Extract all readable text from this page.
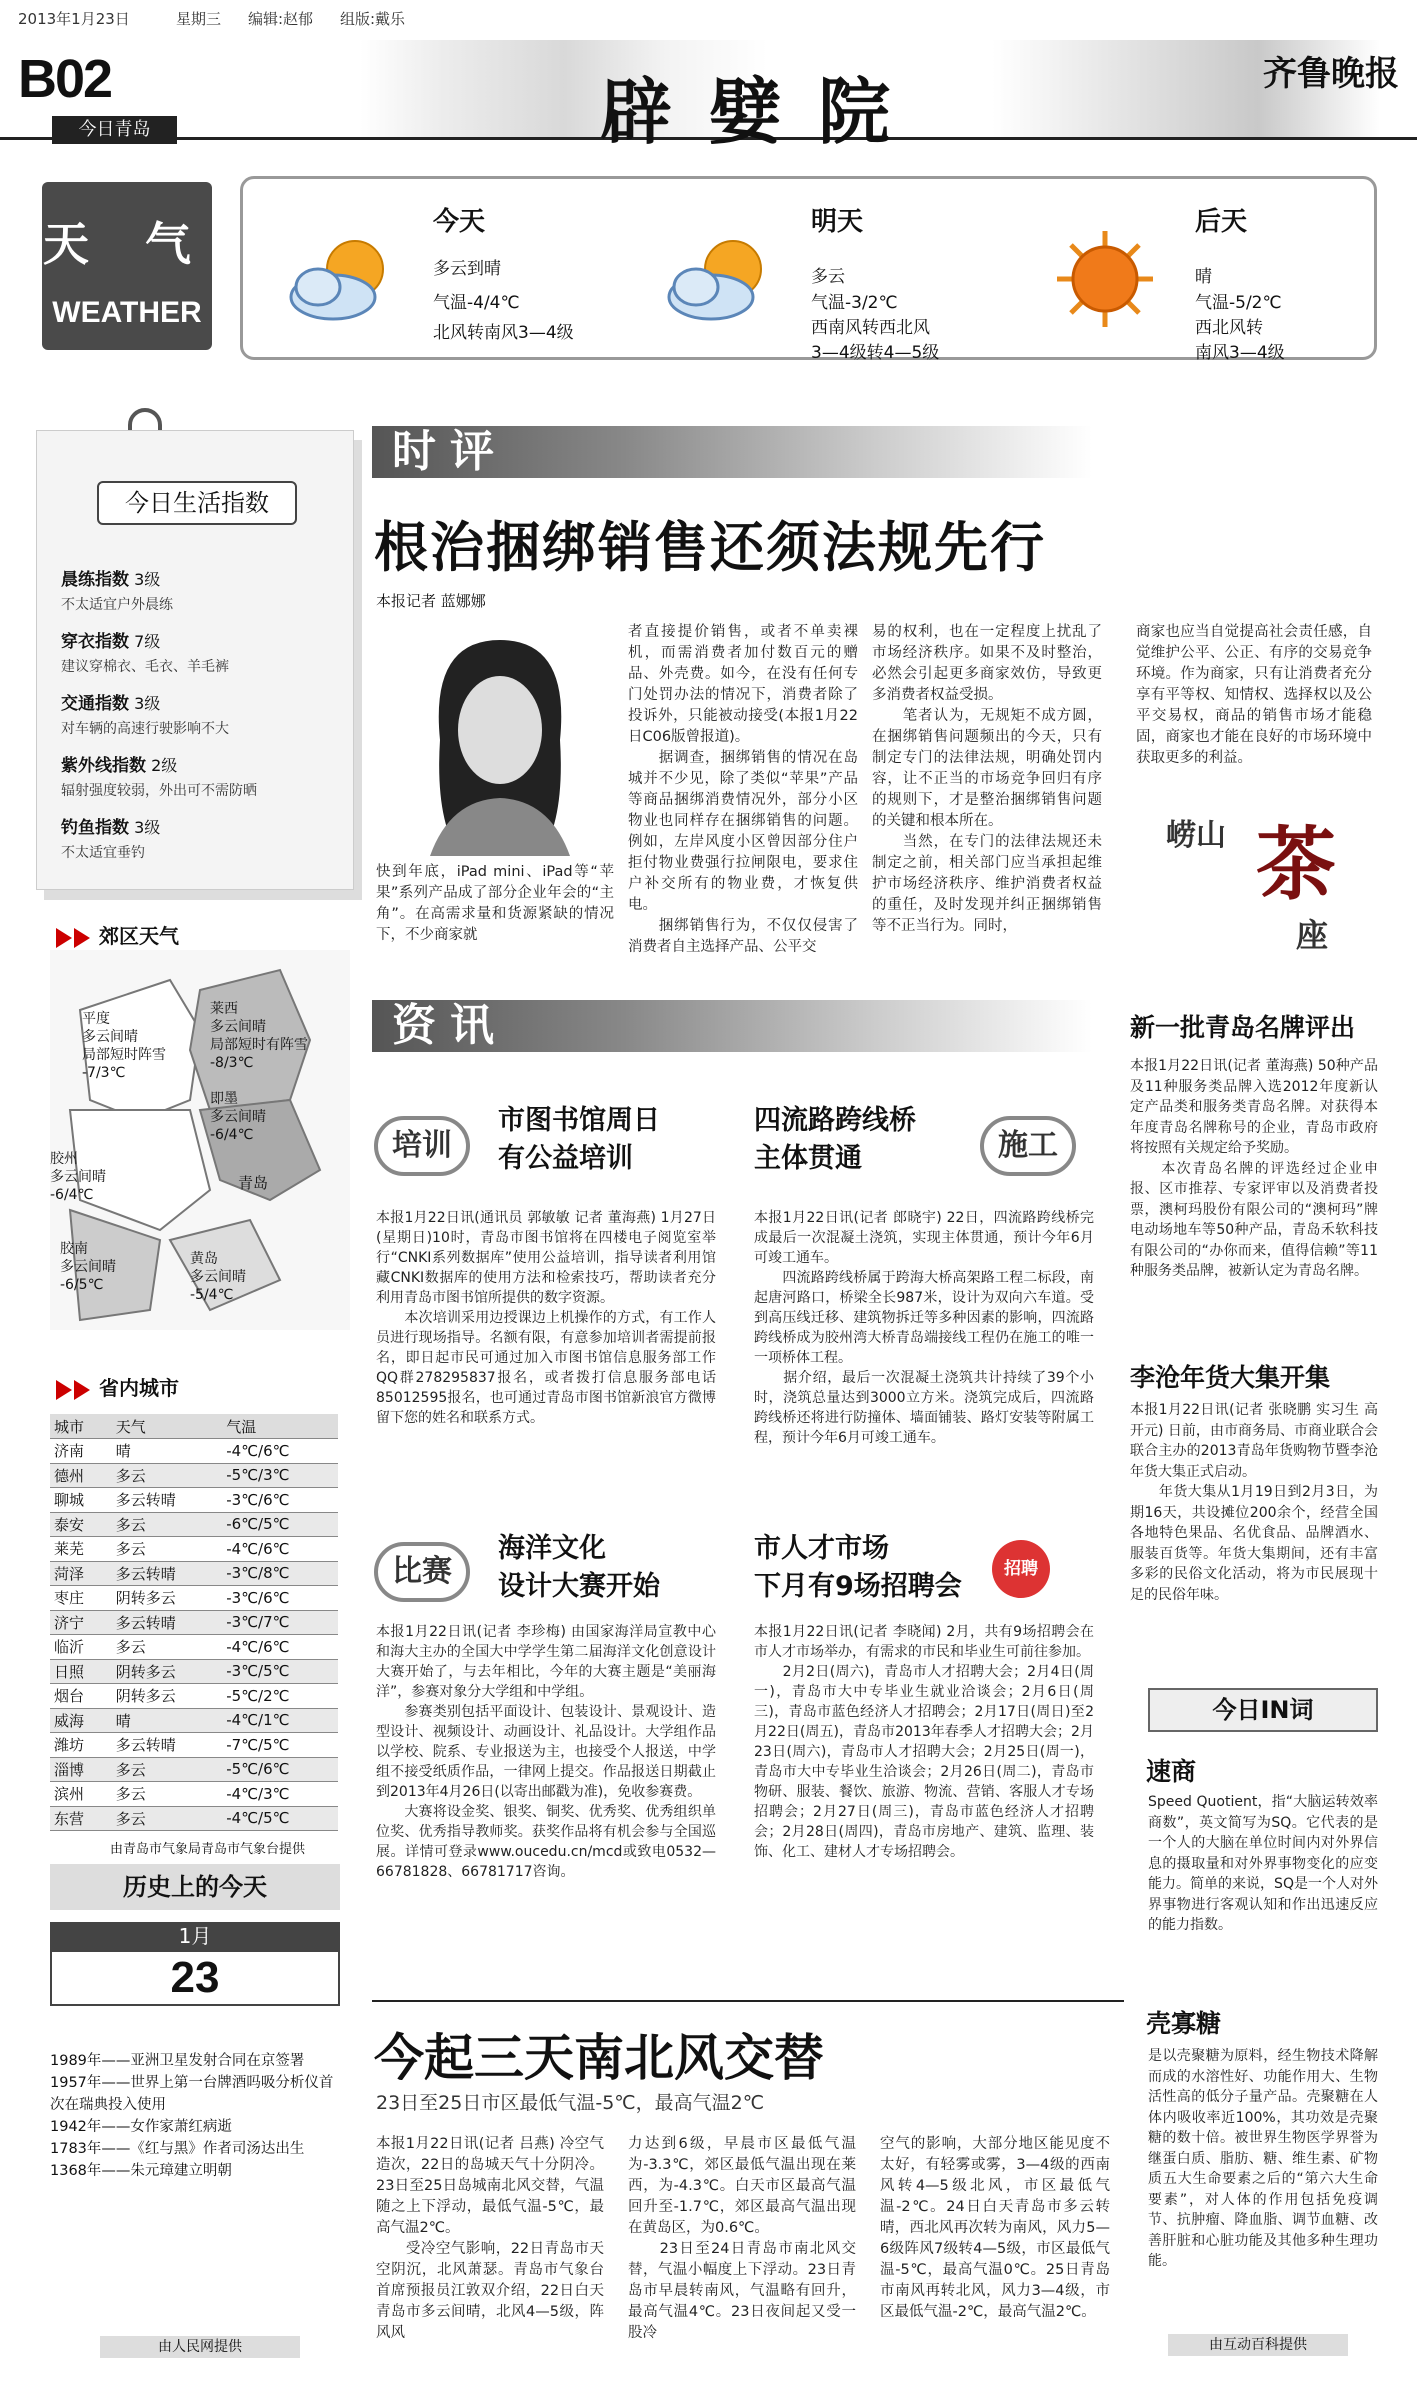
2013年1月23日	星期三 编辑:赵郁 组版:戴乐
B02
今日青岛	辟 嬖 院	齐鲁晚报
天 气
WEATHER
今天

多云到晴

气温-4/4℃

北风转南风3—4级

明天

多云

气温-3/2℃

西南风转西北风

3—4级转4—5级

后天

晴

气温-5/2℃

西北风转

南风3—4级

今日生活指数
晨练指数 3级
不太适宜户外晨练
穿衣指数 7级
建议穿棉衣、毛衣、羊毛裤
交通指数 3级
对车辆的高速行驶影响不大
紫外线指数 2级
辐射强度较弱，外出可不需防晒
钓鱼指数 3级
不太适宜垂钓
郊区天气
平度
多云间晴
局部短时阵雪
-7/3℃
莱西
多云间晴
局部短时有阵雪
-8/3℃
即墨
多云间晴
-6/4℃
胶州
多云间晴
-6/4℃
青岛
胶南
多云间晴
-6/5℃
黄岛
多云间晴
-5/4℃
省内城市
城市	天气	气温
济南	晴	-4℃/6℃
德州	多云	-5℃/3℃
聊城	多云转晴	-3℃/6℃
泰安	多云	-6℃/5℃
莱芜	多云	-4℃/6℃
菏泽	多云转晴	-3℃/8℃
枣庄	阴转多云	-3℃/6℃
济宁	多云转晴	-3℃/7℃
临沂	多云	-4℃/6℃
日照	阴转多云	-3℃/5℃
烟台	阴转多云	-5℃/2℃
威海	晴	-4℃/1℃
潍坊	多云转晴	-7℃/5℃
淄博	多云	-5℃/6℃
滨州	多云	-4℃/3℃
东营	多云	-4℃/5℃
由青岛市气象局青岛市气象台提供
历史上的今天
1月
23
1989年——亚洲卫星发射合同在京签署
1957年——世界上第一台牌酒吗吸分析仪首次在瑞典投入使用
1942年——女作家萧红病逝
1783年——《红与黑》作者司汤达出生
1368年——朱元璋建立明朝
由人民网提供
时评
根治捆绑销售还须法规先行
本报记者 蓝娜娜
快到年底，iPad mini、iPad等“苹果”系列产品成了部分企业年会的“主角”。在高需求量和货源紧缺的情况下，不少商家就
者直接提价销售，或者不单卖裸机，而需消费者加付数百元的赠品、外壳费。如今，在没有任何专门处罚办法的情况下，消费者除了投诉外，只能被动接受(本报1月22日C06版曾报道)。
　　据调查，捆绑销售的情况在岛城并不少见，除了类似“苹果”产品等商品捆绑消费情况外，部分小区物业也同样存在捆绑销售的问题。例如，左岸风度小区曾因部分住户拒付物业费强行拉闸限电，要求住户补交所有的物业费，才恢复供电。
　　捆绑销售行为，不仅仅侵害了消费者自主选择产品、公平交
易的权利，也在一定程度上扰乱了市场经济秩序。如果不及时整治，必然会引起更多商家效仿，导致更多消费者权益受损。
　　笔者认为，无规矩不成方圆，在捆绑销售问题频出的今天，只有制定专门的法律法规，明确处罚内容，让不正当的市场竞争回归有序的规则下，才是整治捆绑销售问题的关键和根本所在。
　　当然，在专门的法律法规还未制定之前，相关部门应当承担起维护市场经济秩序、维护消费者权益的重任，及时发现并纠正捆绑销售等不正当行为。同时，
商家也应当自觉提高社会责任感，自觉维护公平、公正、有序的交易竞争环境。作为商家，只有让消费者充分享有平等权、知情权、选择权以及公平交易权，商品的销售市场才能稳固，商家也才能在良好的市场环境中获取更多的利益。
崂山 茶
座
资讯
培训
市图书馆周日
有公益培训
本报1月22日讯(通讯员 郭敏敏 记者 董海燕) 1月27日(星期日)10时，青岛市图书馆将在四楼电子阅览室举行“CNKI系列数据库”使用公益培训，指导读者利用馆藏CNKI数据库的使用方法和检索技巧，帮助读者充分利用青岛市图书馆所提供的数字资源。
　　本次培训采用边授课边上机操作的方式，有工作人员进行现场指导。名额有限，有意参加培训者需提前报名，即日起市民可通过加入市图书馆信息服务部工作QQ群278295837报名，或者拨打信息服务部电话85012595报名，也可通过青岛市图书馆新浪官方微博留下您的姓名和联系方式。
施工
四流路跨线桥
主体贯通
本报1月22日讯(记者 郎晓宇) 22日，四流路跨线桥完成最后一次混凝土浇筑，实现主体贯通，预计今年6月可竣工通车。
　　四流路跨线桥属于跨海大桥高架路工程二标段，南起唐河路口，桥梁全长987米，设计为双向六车道。受到高压线迁移、建筑物拆迁等多种因素的影响，四流路跨线桥成为胶州湾大桥青岛端接线工程仍在施工的唯一一项桥体工程。
　　据介绍，最后一次混凝土浇筑共计持续了39个小时，浇筑总量达到3000立方米。浇筑完成后，四流路跨线桥还将进行防撞体、墙面铺装、路灯安装等附属工程，预计今年6月可竣工通车。
比赛
海洋文化
设计大赛开始
本报1月22日讯(记者 李珍梅) 由国家海洋局宣教中心和海大主办的全国大中学学生第二届海洋文化创意设计大赛开始了，与去年相比，今年的大赛主题是“美丽海洋”，参赛对象分大学组和中学组。
　　参赛类别包括平面设计、包装设计、景观设计、造型设计、视频设计、动画设计、礼品设计。大学组作品以学校、院系、专业报送为主，也接受个人报送，中学组不接受纸质作品，一律网上提交。作品报送日期截止到2013年4月26日(以寄出邮戳为准)，免收参赛费。
　　大赛将设金奖、银奖、铜奖、优秀奖、优秀组织单位奖、优秀指导教师奖。获奖作品将有机会参与全国巡展。详情可登录www.oucedu.cn/mcd或致电0532—66781828、66781717咨询。
市人才市场
下月有9场招聘会
招聘
本报1月22日讯(记者 李晓闻) 2月，共有9场招聘会在市人才市场举办，有需求的市民和毕业生可前往参加。
　　2月2日(周六)，青岛市人才招聘大会；2月4日(周一)，青岛市大中专毕业生就业洽谈会；2月6日(周三)，青岛市蓝色经济人才招聘会；2月17日(周日)至2月22日(周五)，青岛市2013年春季人才招聘大会；2月23日(周六)，青岛市人才招聘大会；2月25日(周一)，青岛市大中专毕业生洽谈会；2月26日(周二)，青岛市物研、服装、餐饮、旅游、物流、营销、客服人才专场招聘会；2月27日(周三)，青岛市蓝色经济人才招聘会；2月28日(周四)，青岛市房地产、建筑、监理、装饰、化工、建材人才专场招聘会。
新一批青岛名牌评出
本报1月22日讯(记者 董海燕) 50种产品及11种服务类品牌入选2012年度新认定产品类和服务类青岛名牌。对获得本年度青岛名牌称号的企业，青岛市政府将按照有关规定给予奖励。
　　本次青岛名牌的评选经过企业申报、区市推荐、专家评审以及消费者投票，澳柯玛股份有限公司的“澳柯玛”牌电动场地车等50种产品，青岛禾软科技有限公司的“办你而来，值得信赖”等11种服务类品牌，被新认定为青岛名牌。
李沧年货大集开集
本报1月22日讯(记者 张晓鹏 实习生 高开元) 日前，由市商务局、市商业联合会联合主办的2013青岛年货购物节暨李沧年货大集正式启动。
　　年货大集从1月19日到2月3日，为期16天，共设摊位200余个，经营全国各地特色果品、名优食品、品牌酒水、服装百货等。年货大集期间，还有丰富多彩的民俗文化活动，将为市民展现十足的民俗年味。
今日IN词
速商
Speed Quotient，指“大脑运转效率商数”，英文简写为SQ。它代表的是一个人的大脑在单位时间内对外界信息的摄取量和对外界事物变化的应变能力。简单的来说，SQ是一个人对外界事物进行客观认知和作出迅速反应的能力指数。
壳寡糖
是以壳聚糖为原料，经生物技术降解而成的水溶性好、功能作用大、生物活性高的低分子量产品。壳聚糖在人体内吸收率近100%，其功效是壳聚糖的数十倍。被世界生物医学界誉为继蛋白质、脂肪、糖、维生素、矿物质五大生命要素之后的“第六大生命要素”，对人体的作用包括免疫调节、抗肿瘤、降血脂、调节血糖、改善肝脏和心脏功能及其他多种生理功能。
由互动百科提供
今起三天南北风交替
23日至25日市区最低气温-5℃，最高气温2℃
本报1月22日讯(记者 吕燕) 冷空气造次，22日的岛城天气十分阴冷。23日至25日岛城南北风交替，气温随之上下浮动，最低气温-5℃，最高气温2℃。
　　受冷空气影响，22日青岛市天空阴沉，北风萧瑟。青岛市气象台首席预报员江敦双介绍，22日白天青岛市多云间晴，北风4—5级，阵风风
力达到6级，早晨市区最低气温为-3.3℃，郊区最低气温出现在莱西，为-4.3℃。白天市区最高气温回升至-1.7℃，郊区最高气温出现在黄岛区，为0.6℃。
　　23日至24日青岛市南北风交替，气温小幅度上下浮动。23日青岛市早晨转南风，气温略有回升，最高气温4℃。23日夜间起又受一股冷
空气的影响，大部分地区能见度不太好，有轻雾或雾，3—4级的西南风转4—5级北风，市区最低气温-2℃。24日白天青岛市多云转晴，西北风再次转为南风，风力5—6级阵风7级转4—5级，市区最低气温-5℃，最高气温0℃。25日青岛市南风再转北风，风力3—4级，市区最低气温-2℃，最高气温2℃。
